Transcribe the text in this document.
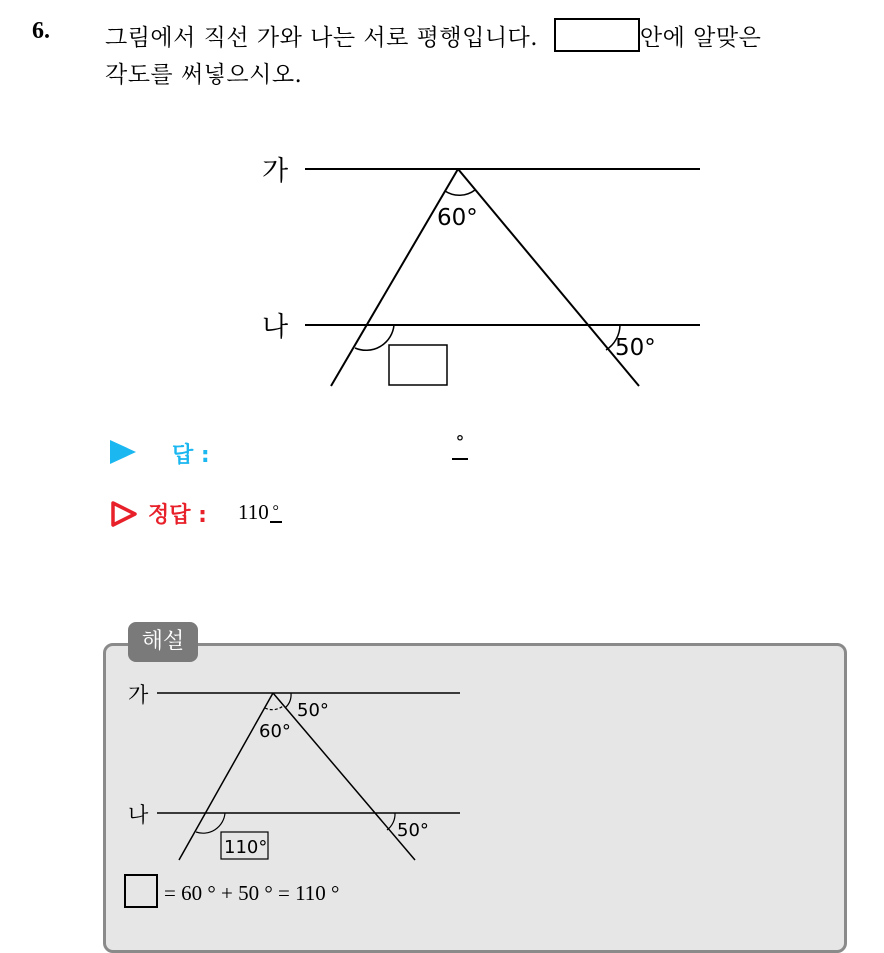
6. 그림에서 직선 가와 나는 서로 평행입니다.	안에 알맞은
각도를 써넣으시오.
가
나
60°
50°
답 :
°
정답 : 110 °
해설
가
나
60°
50°
50°
110°
= 60 ° + 50 ° = 110 °
